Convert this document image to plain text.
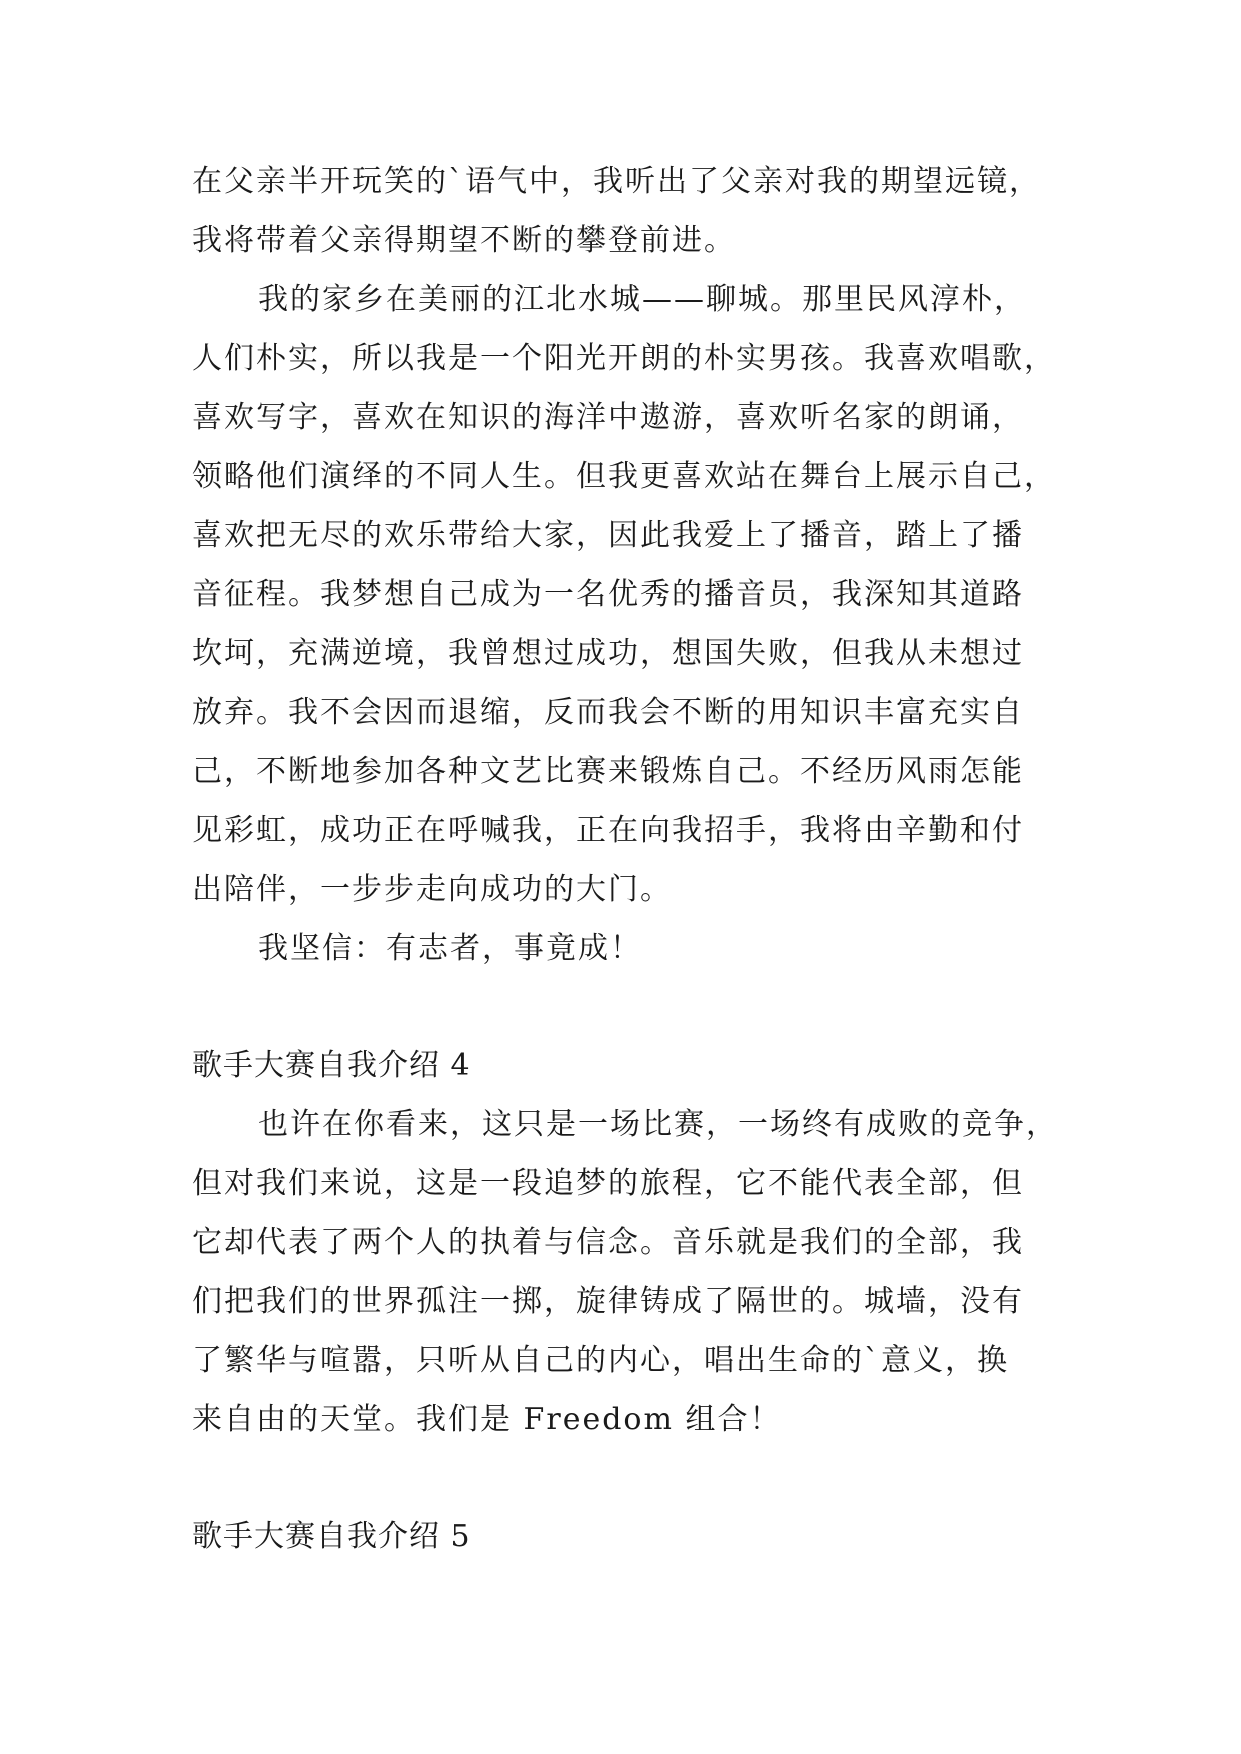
在父亲半开玩笑的`语气中，我听出了父亲对我的期望远镜，
我将带着父亲得期望不断的攀登前进。
我的家乡在美丽的江北水城——聊城。那里民风淳朴，
人们朴实，所以我是一个阳光开朗的朴实男孩。我喜欢唱歌，
喜欢写字，喜欢在知识的海洋中遨游，喜欢听名家的朗诵，
领略他们演绎的不同人生。但我更喜欢站在舞台上展示自己，
喜欢把无尽的欢乐带给大家，因此我爱上了播音，踏上了播
音征程。我梦想自己成为一名优秀的播音员，我深知其道路
坎坷，充满逆境，我曾想过成功，想国失败，但我从未想过
放弃。我不会因而退缩，反而我会不断的用知识丰富充实自
己，不断地参加各种文艺比赛来锻炼自己。不经历风雨怎能
见彩虹，成功正在呼喊我，正在向我招手，我将由辛勤和付
出陪伴，一步步走向成功的大门。
我坚信：有志者，事竟成！
歌手大赛自我介绍 4
也许在你看来，这只是一场比赛，一场终有成败的竞争，
但对我们来说，这是一段追梦的旅程，它不能代表全部，但
它却代表了两个人的执着与信念。音乐就是我们的全部，我
们把我们的世界孤注一掷，旋律铸成了隔世的。城墙，没有
了繁华与喧嚣，只听从自己的内心，唱出生命的`意义，换
来自由的天堂。我们是 Freedom 组合！
歌手大赛自我介绍 5
